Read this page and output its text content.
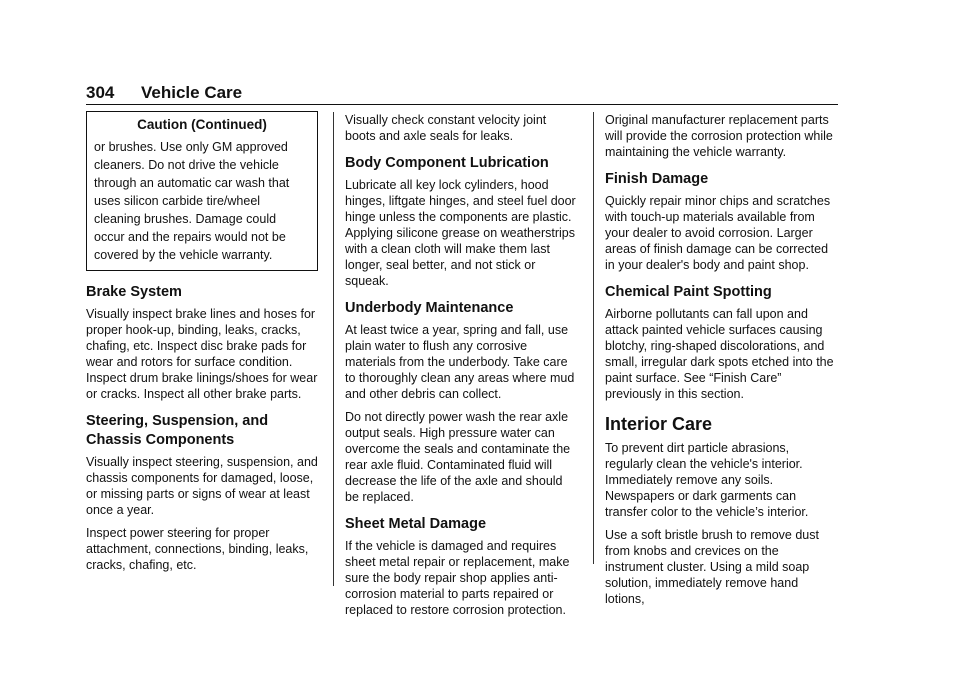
304 Vehicle Care
Caution (Continued)

or brushes. Use only GM approved cleaners. Do not drive the vehicle through an automatic car wash that uses silicon carbide tire/wheel cleaning brushes. Damage could occur and the repairs would not be covered by the vehicle warranty.

Brake System

Visually inspect brake lines and hoses for proper hook-up, binding, leaks, cracks, chafing, etc. Inspect disc brake pads for wear and rotors for surface condition. Inspect drum brake linings/shoes for wear or cracks. Inspect all other brake parts.

Steering, Suspension, and Chassis Components

Visually inspect steering, suspension, and chassis components for damaged, loose, or missing parts or signs of wear at least once a year.

Inspect power steering for proper attachment, connections, binding, leaks, cracks, chafing, etc.

Visually check constant velocity joint boots and axle seals for leaks.

Body Component Lubrication

Lubricate all key lock cylinders, hood hinges, liftgate hinges, and steel fuel door hinge unless the components are plastic. Applying silicone grease on weatherstrips with a clean cloth will make them last longer, seal better, and not stick or squeak.

Underbody Maintenance

At least twice a year, spring and fall, use plain water to flush any corrosive materials from the underbody. Take care to thoroughly clean any areas where mud and other debris can collect.

Do not directly power wash the rear axle output seals. High pressure water can overcome the seals and contaminate the rear axle fluid. Contaminated fluid will decrease the life of the axle and should be replaced.

Sheet Metal Damage

If the vehicle is damaged and requires sheet metal repair or replacement, make sure the body repair shop applies anti-corrosion material to parts repaired or replaced to restore corrosion protection.

Original manufacturer replacement parts will provide the corrosion protection while maintaining the vehicle warranty.

Finish Damage

Quickly repair minor chips and scratches with touch-up materials available from your dealer to avoid corrosion. Larger areas of finish damage can be corrected in your dealer's body and paint shop.

Chemical Paint Spotting

Airborne pollutants can fall upon and attack painted vehicle surfaces causing blotchy, ring-shaped discolorations, and small, irregular dark spots etched into the paint surface. See “Finish Care” previously in this section.

Interior Care

To prevent dirt particle abrasions, regularly clean the vehicle's interior. Immediately remove any soils. Newspapers or dark garments can transfer color to the vehicle’s interior.

Use a soft bristle brush to remove dust from knobs and crevices on the instrument cluster. Using a mild soap solution, immediately remove hand lotions,
